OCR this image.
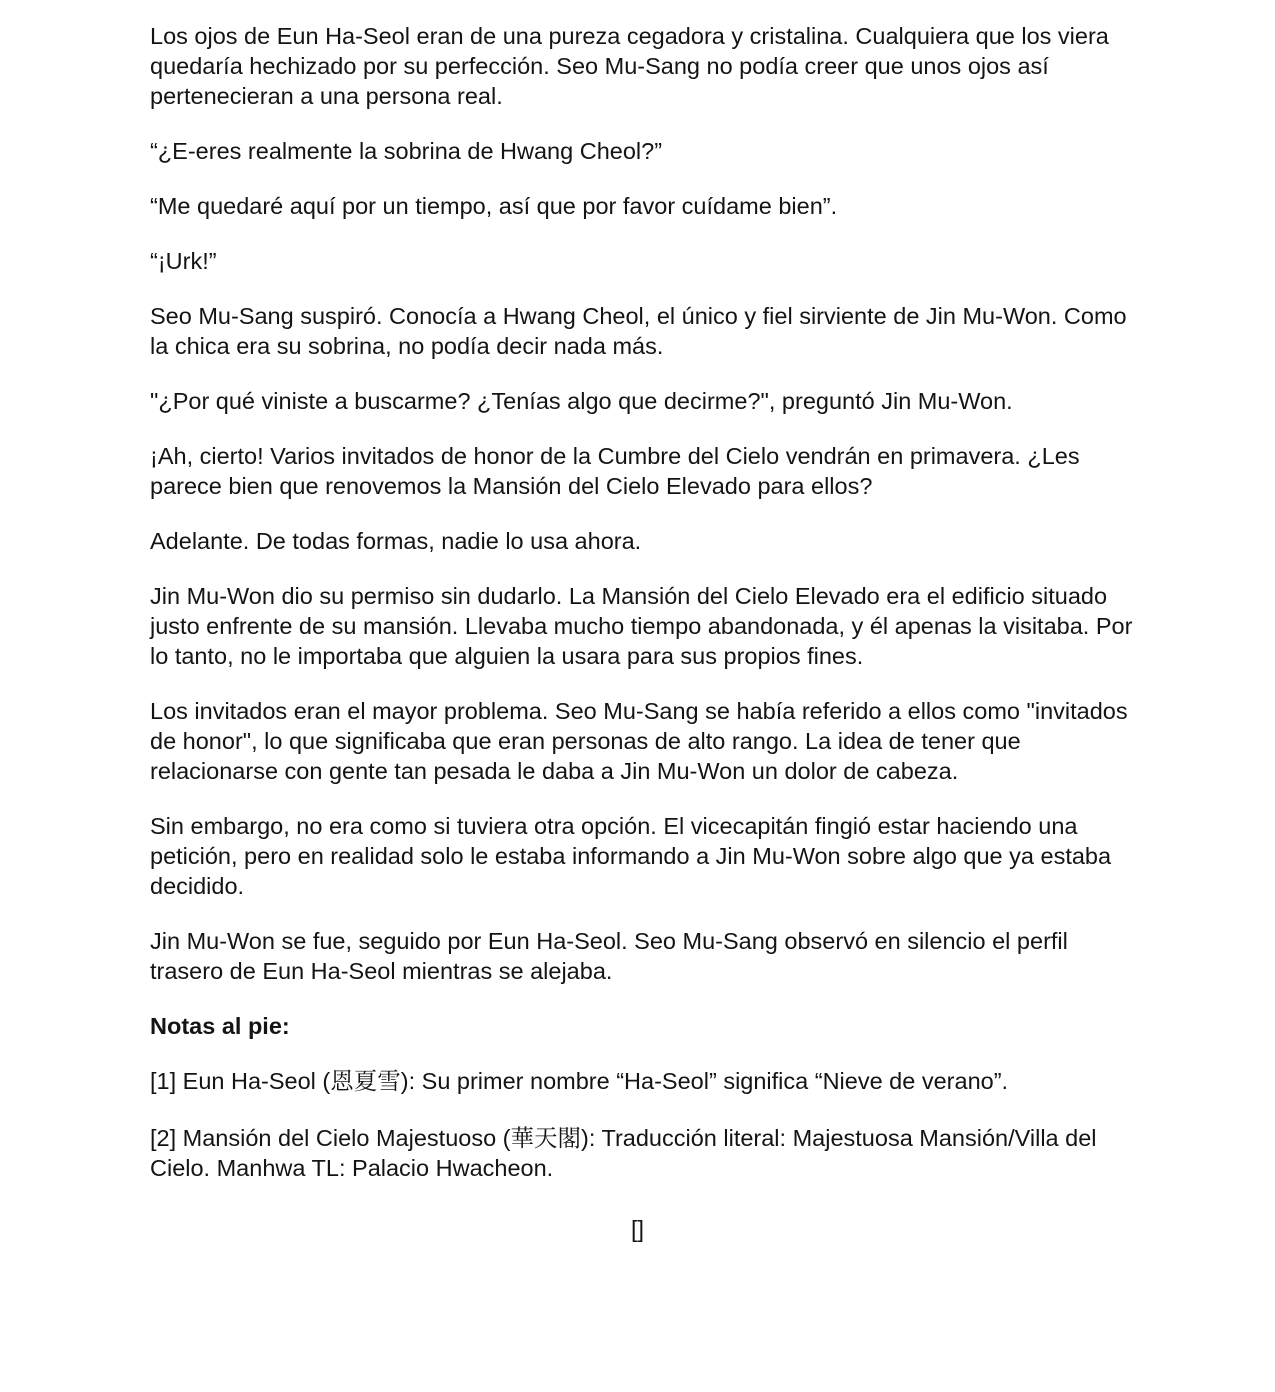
Los ojos de Eun Ha-Seol eran de una pureza cegadora y cristalina. Cualquiera que los viera quedaría hechizado por su perfección. Seo Mu-Sang no podía creer que unos ojos así pertenecieran a una persona real.

“¿E-eres realmente la sobrina de Hwang Cheol?”

“Me quedaré aquí por un tiempo, así que por favor cuídame bien”.

“¡Urk!”

Seo Mu-Sang suspiró. Conocía a Hwang Cheol, el único y fiel sirviente de Jin Mu-Won. Como la chica era su sobrina, no podía decir nada más.

"¿Por qué viniste a buscarme? ¿Tenías algo que decirme?", preguntó Jin Mu-Won.

¡Ah, cierto! Varios invitados de honor de la Cumbre del Cielo vendrán en primavera. ¿Les parece bien que renovemos la Mansión del Cielo Elevado para ellos?

Adelante. De todas formas, nadie lo usa ahora.

Jin Mu-Won dio su permiso sin dudarlo. La Mansión del Cielo Elevado era el edificio situado justo enfrente de su mansión. Llevaba mucho tiempo abandonada, y él apenas la visitaba. Por lo tanto, no le importaba que alguien la usara para sus propios fines.

Los invitados eran el mayor problema. Seo Mu-Sang se había referido a ellos como "invitados de honor", lo que significaba que eran personas de alto rango. La idea de tener que relacionarse con gente tan pesada le daba a Jin Mu-Won un dolor de cabeza.

Sin embargo, no era como si tuviera otra opción. El vicecapitán fingió estar haciendo una petición, pero en realidad solo le estaba informando a Jin Mu-Won sobre algo que ya estaba decidido.

Jin Mu-Won se fue, seguido por Eun Ha-Seol. Seo Mu-Sang observó en silencio el perfil trasero de Eun Ha-Seol mientras se alejaba.

Notas al pie:

[1] Eun Ha-Seol (恩夏雪): Su primer nombre “Ha-Seol” significa “Nieve de verano”.

[2] Mansión del Cielo Majestuoso (華天閣): Traducción literal: Majestuosa Mansión/Villa del Cielo. Manhwa TL: Palacio Hwacheon.

[]
